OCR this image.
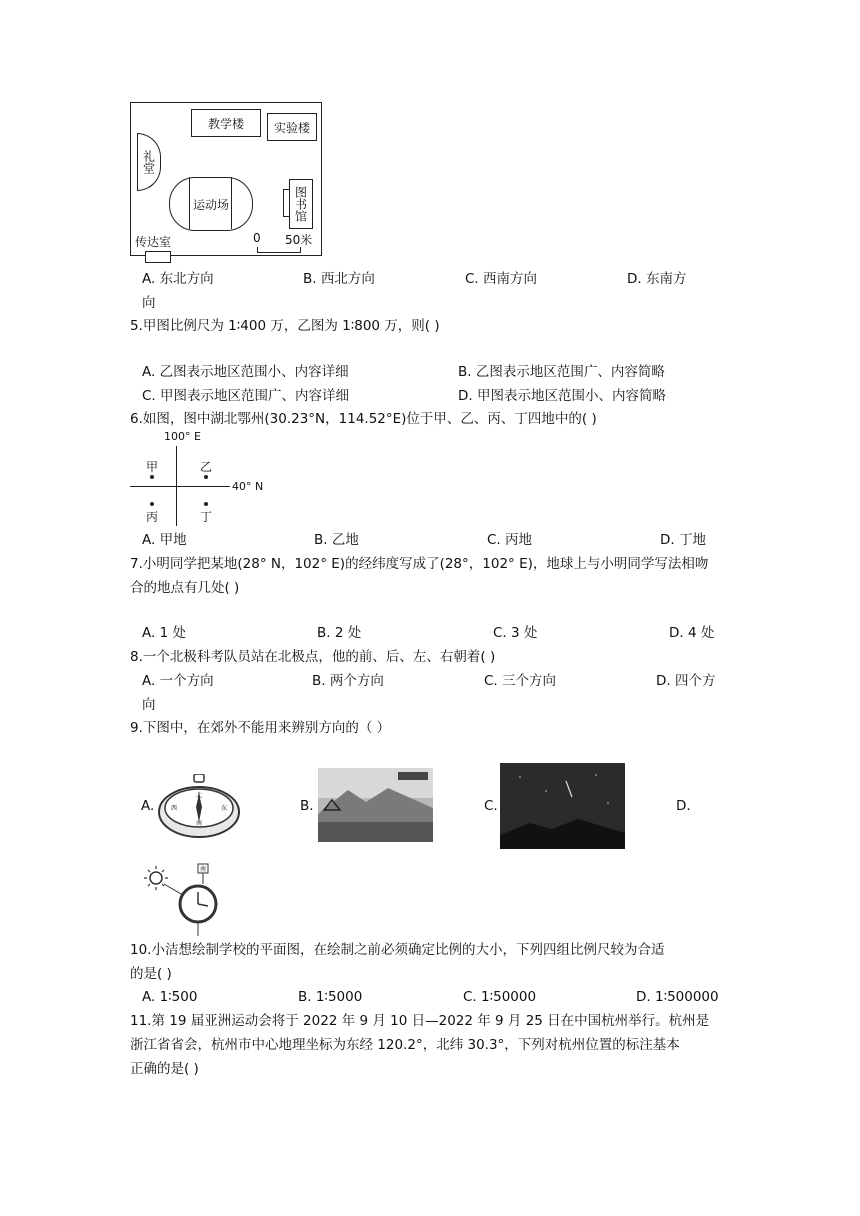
教学楼 实验楼
礼堂
运动场	图书馆
传达室	0 50米
A. 东北方向	B. 西北方向	C. 西南方向	D. 东南方
向
5.甲图比例尺为 1∶400 万，乙图为 1∶800 万，则( )
A. 乙图表示地区范围小、内容详细	B. 乙图表示地区范围广、内容简略
C. 甲图表示地区范围广、内容详细	D. 甲图表示地区范围小、内容简略
6.如图，图中湖北鄂州(30.23°N，114.52°E)位于甲、乙、丙、丁四地中的( )
100° E
40° N
甲	乙
丙	丁
A. 甲地	B. 乙地	C. 丙地	D. 丁地
7.小明同学把某地(28° N，102° E)的经纬度写成了(28°，102° E)，地球上与小明同学写法相吻
合的地点有几处( )
A. 1 处	B. 2 处	C. 3 处	D. 4 处
8.一个北极科考队员站在北极点，他的前、后、左、右朝着( )
A. 一个方向	B. 两个方向	C. 三个方向	D. 四个方
向
9.下图中，在郊外不能用来辨别方向的（ ）
A.
北
西	东
南
B.	C.	D.
南
10.小洁想绘制学校的平面图，在绘制之前必须确定比例的大小，下列四组比例尺较为合适
的是( )
A. 1∶500	B. 1∶5000	C. 1∶50000	D. 1∶500000
11.第 19 届亚洲运动会将于 2022 年 9 月 10 日—2022 年 9 月 25 日在中国杭州举行。杭州是
浙江省省会，杭州市中心地理坐标为东经 120.2°，北纬 30.3°，下列对杭州位置的标注基本
正确的是( )
